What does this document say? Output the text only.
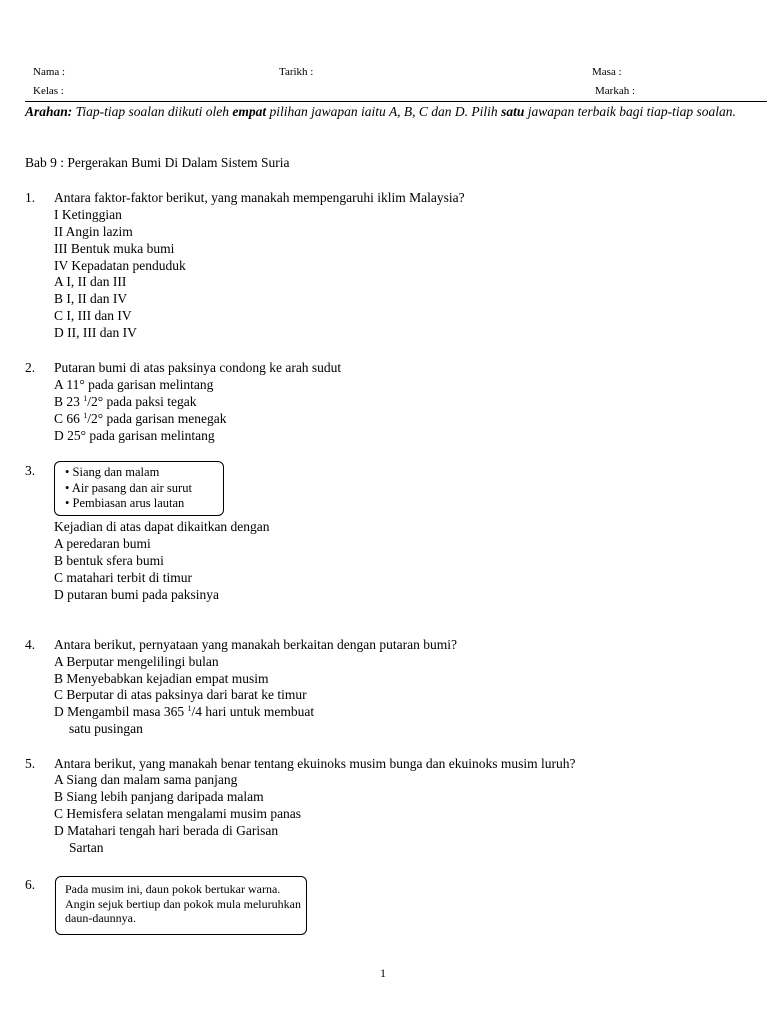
Nama :	Tarikh :	Masa :
Kelas :	Markah :
Arahan: Tiap-tiap soalan diikuti oleh empat pilihan jawapan iaitu A, B, C dan D. Pilih satu jawapan terbaik bagi tiap-tiap soalan.
Bab 9 : Pergerakan Bumi Di Dalam Sistem Suria
1. Antara faktor-faktor berikut, yang manakah mempengaruhi iklim Malaysia?
I Ketinggian
II Angin lazim
III Bentuk muka bumi
IV Kepadatan penduduk
A I, II dan III
B I, II dan IV
C I, III dan IV
D II, III dan IV
2. Putaran bumi di atas paksinya condong ke arah sudut
A 11° pada garisan melintang
B 23 $^1$/2° pada paksi tegak
C 66 $^1$/2° pada garisan menegak
D 25° pada garisan melintang
3. • Siang dan malam
• Air pasang dan air surut
• Pembiasan arus lautan
Kejadian di atas dapat dikaitkan dengan
A peredaran bumi
B bentuk sfera bumi
C matahari terbit di timur
D putaran bumi pada paksinya
4. Antara berikut, pernyataan yang manakah berkaitan dengan putaran bumi?
A Berputar mengelilingi bulan
B Menyebabkan kejadian empat musim
C Berputar di atas paksinya dari barat ke timur
D Mengambil masa 365 $^1$/4 hari untuk membuat
satu pusingan
5. Antara berikut, yang manakah benar tentang ekuinoks musim bunga dan ekuinoks musim luruh?
A Siang dan malam sama panjang
B Siang lebih panjang daripada malam
C Hemisfera selatan mengalami musim panas
D Matahari tengah hari berada di Garisan
Sartan
6. Pada musim ini, daun pokok bertukar warna. Angin sejuk bertiup dan pokok mula meluruhkan daun-daunnya.
1
